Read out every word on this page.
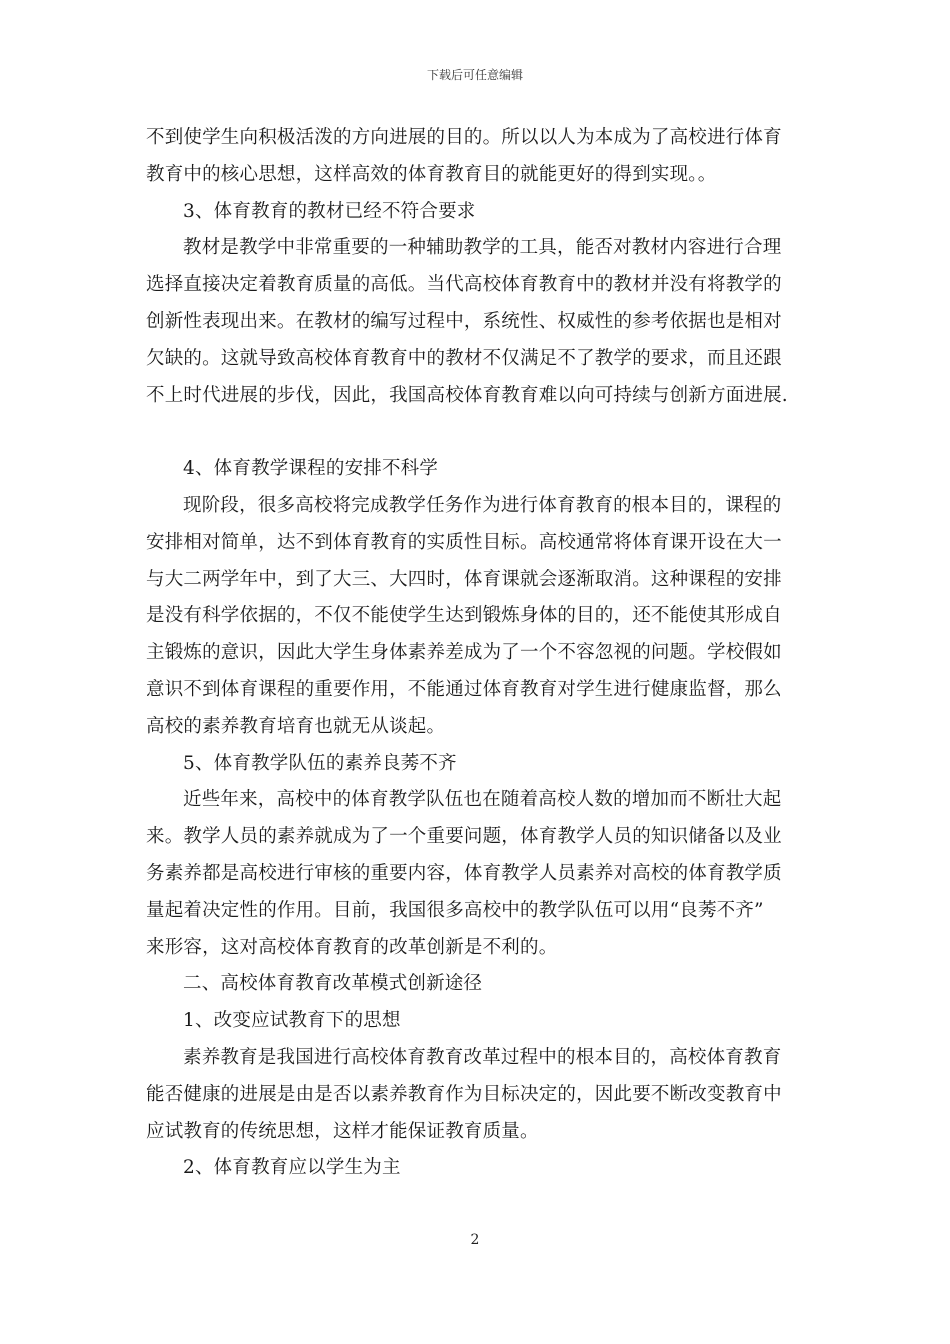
下载后可任意编辑
不到使学生向积极活泼的方向进展的目的。所以以人为本成为了高校进行体育
教育中的核心思想，这样高效的体育教育目的就能更好的得到实现。。
3、体育教育的教材已经不符合要求
教材是教学中非常重要的一种辅助教学的工具，能否对教材内容进行合理
选择直接决定着教育质量的高低。当代高校体育教育中的教材并没有将教学的
创新性表现出来。在教材的编写过程中，系统性、权威性的参考依据也是相对
欠缺的。这就导致高校体育教育中的教材不仅满足不了教学的要求，而且还跟
不上时代进展的步伐，因此，我国高校体育教育难以向可持续与创新方面进展.
4、体育教学课程的安排不科学
现阶段，很多高校将完成教学任务作为进行体育教育的根本目的，课程的
安排相对简单，达不到体育教育的实质性目标。高校通常将体育课开设在大一
与大二两学年中，到了大三、大四时，体育课就会逐渐取消。这种课程的安排
是没有科学依据的，不仅不能使学生达到锻炼身体的目的，还不能使其形成自
主锻炼的意识，因此大学生身体素养差成为了一个不容忽视的问题。学校假如
意识不到体育课程的重要作用，不能通过体育教育对学生进行健康监督，那么
高校的素养教育培育也就无从谈起。
5、体育教学队伍的素养良莠不齐
近些年来，高校中的体育教学队伍也在随着高校人数的增加而不断壮大起
来。教学人员的素养就成为了一个重要问题，体育教学人员的知识储备以及业
务素养都是高校进行审核的重要内容，体育教学人员素养对高校的体育教学质
量起着决定性的作用。目前，我国很多高校中的教学队伍可以用“良莠不齐”
来形容，这对高校体育教育的改革创新是不利的。
二、高校体育教育改革模式创新途径
1、改变应试教育下的思想
素养教育是我国进行高校体育教育改革过程中的根本目的，高校体育教育
能否健康的进展是由是否以素养教育作为目标决定的，因此要不断改变教育中
应试教育的传统思想，这样才能保证教育质量。
2、体育教育应以学生为主
2
